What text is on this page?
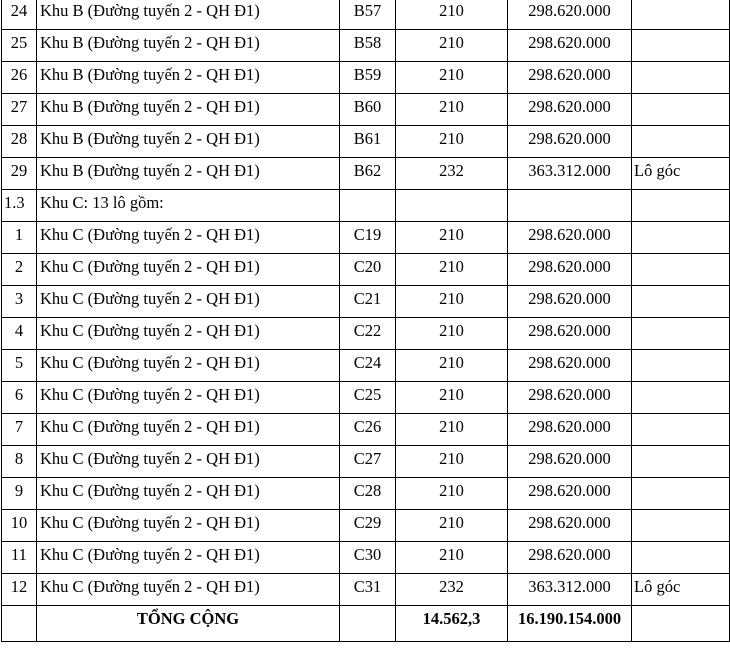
24	Khu B (Đường tuyến 2 - QH Đ1)	B57	210	298.620.000	
25	Khu B (Đường tuyến 2 - QH Đ1)	B58	210	298.620.000	
26	Khu B (Đường tuyến 2 - QH Đ1)	B59	210	298.620.000	
27	Khu B (Đường tuyến 2 - QH Đ1)	B60	210	298.620.000	
28	Khu B (Đường tuyến 2 - QH Đ1)	B61	210	298.620.000	
29	Khu B (Đường tuyến 2 - QH Đ1)	B62	232	363.312.000	Lô góc
1.3	Khu C: 13 lô gồm:				
1	Khu C (Đường tuyến 2 - QH Đ1)	C19	210	298.620.000	
2	Khu C (Đường tuyến 2 - QH Đ1)	C20	210	298.620.000	
3	Khu C (Đường tuyến 2 - QH Đ1)	C21	210	298.620.000	
4	Khu C (Đường tuyến 2 - QH Đ1)	C22	210	298.620.000	
5	Khu C (Đường tuyến 2 - QH Đ1)	C24	210	298.620.000	
6	Khu C (Đường tuyến 2 - QH Đ1)	C25	210	298.620.000	
7	Khu C (Đường tuyến 2 - QH Đ1)	C26	210	298.620.000	
8	Khu C (Đường tuyến 2 - QH Đ1)	C27	210	298.620.000	
9	Khu C (Đường tuyến 2 - QH Đ1)	C28	210	298.620.000	
10	Khu C (Đường tuyến 2 - QH Đ1)	C29	210	298.620.000	
11	Khu C (Đường tuyến 2 - QH Đ1)	C30	210	298.620.000	
12	Khu C (Đường tuyến 2 - QH Đ1)	C31	232	363.312.000	Lô góc
	TỔNG CỘNG		14.562,3	16.190.154.000	
